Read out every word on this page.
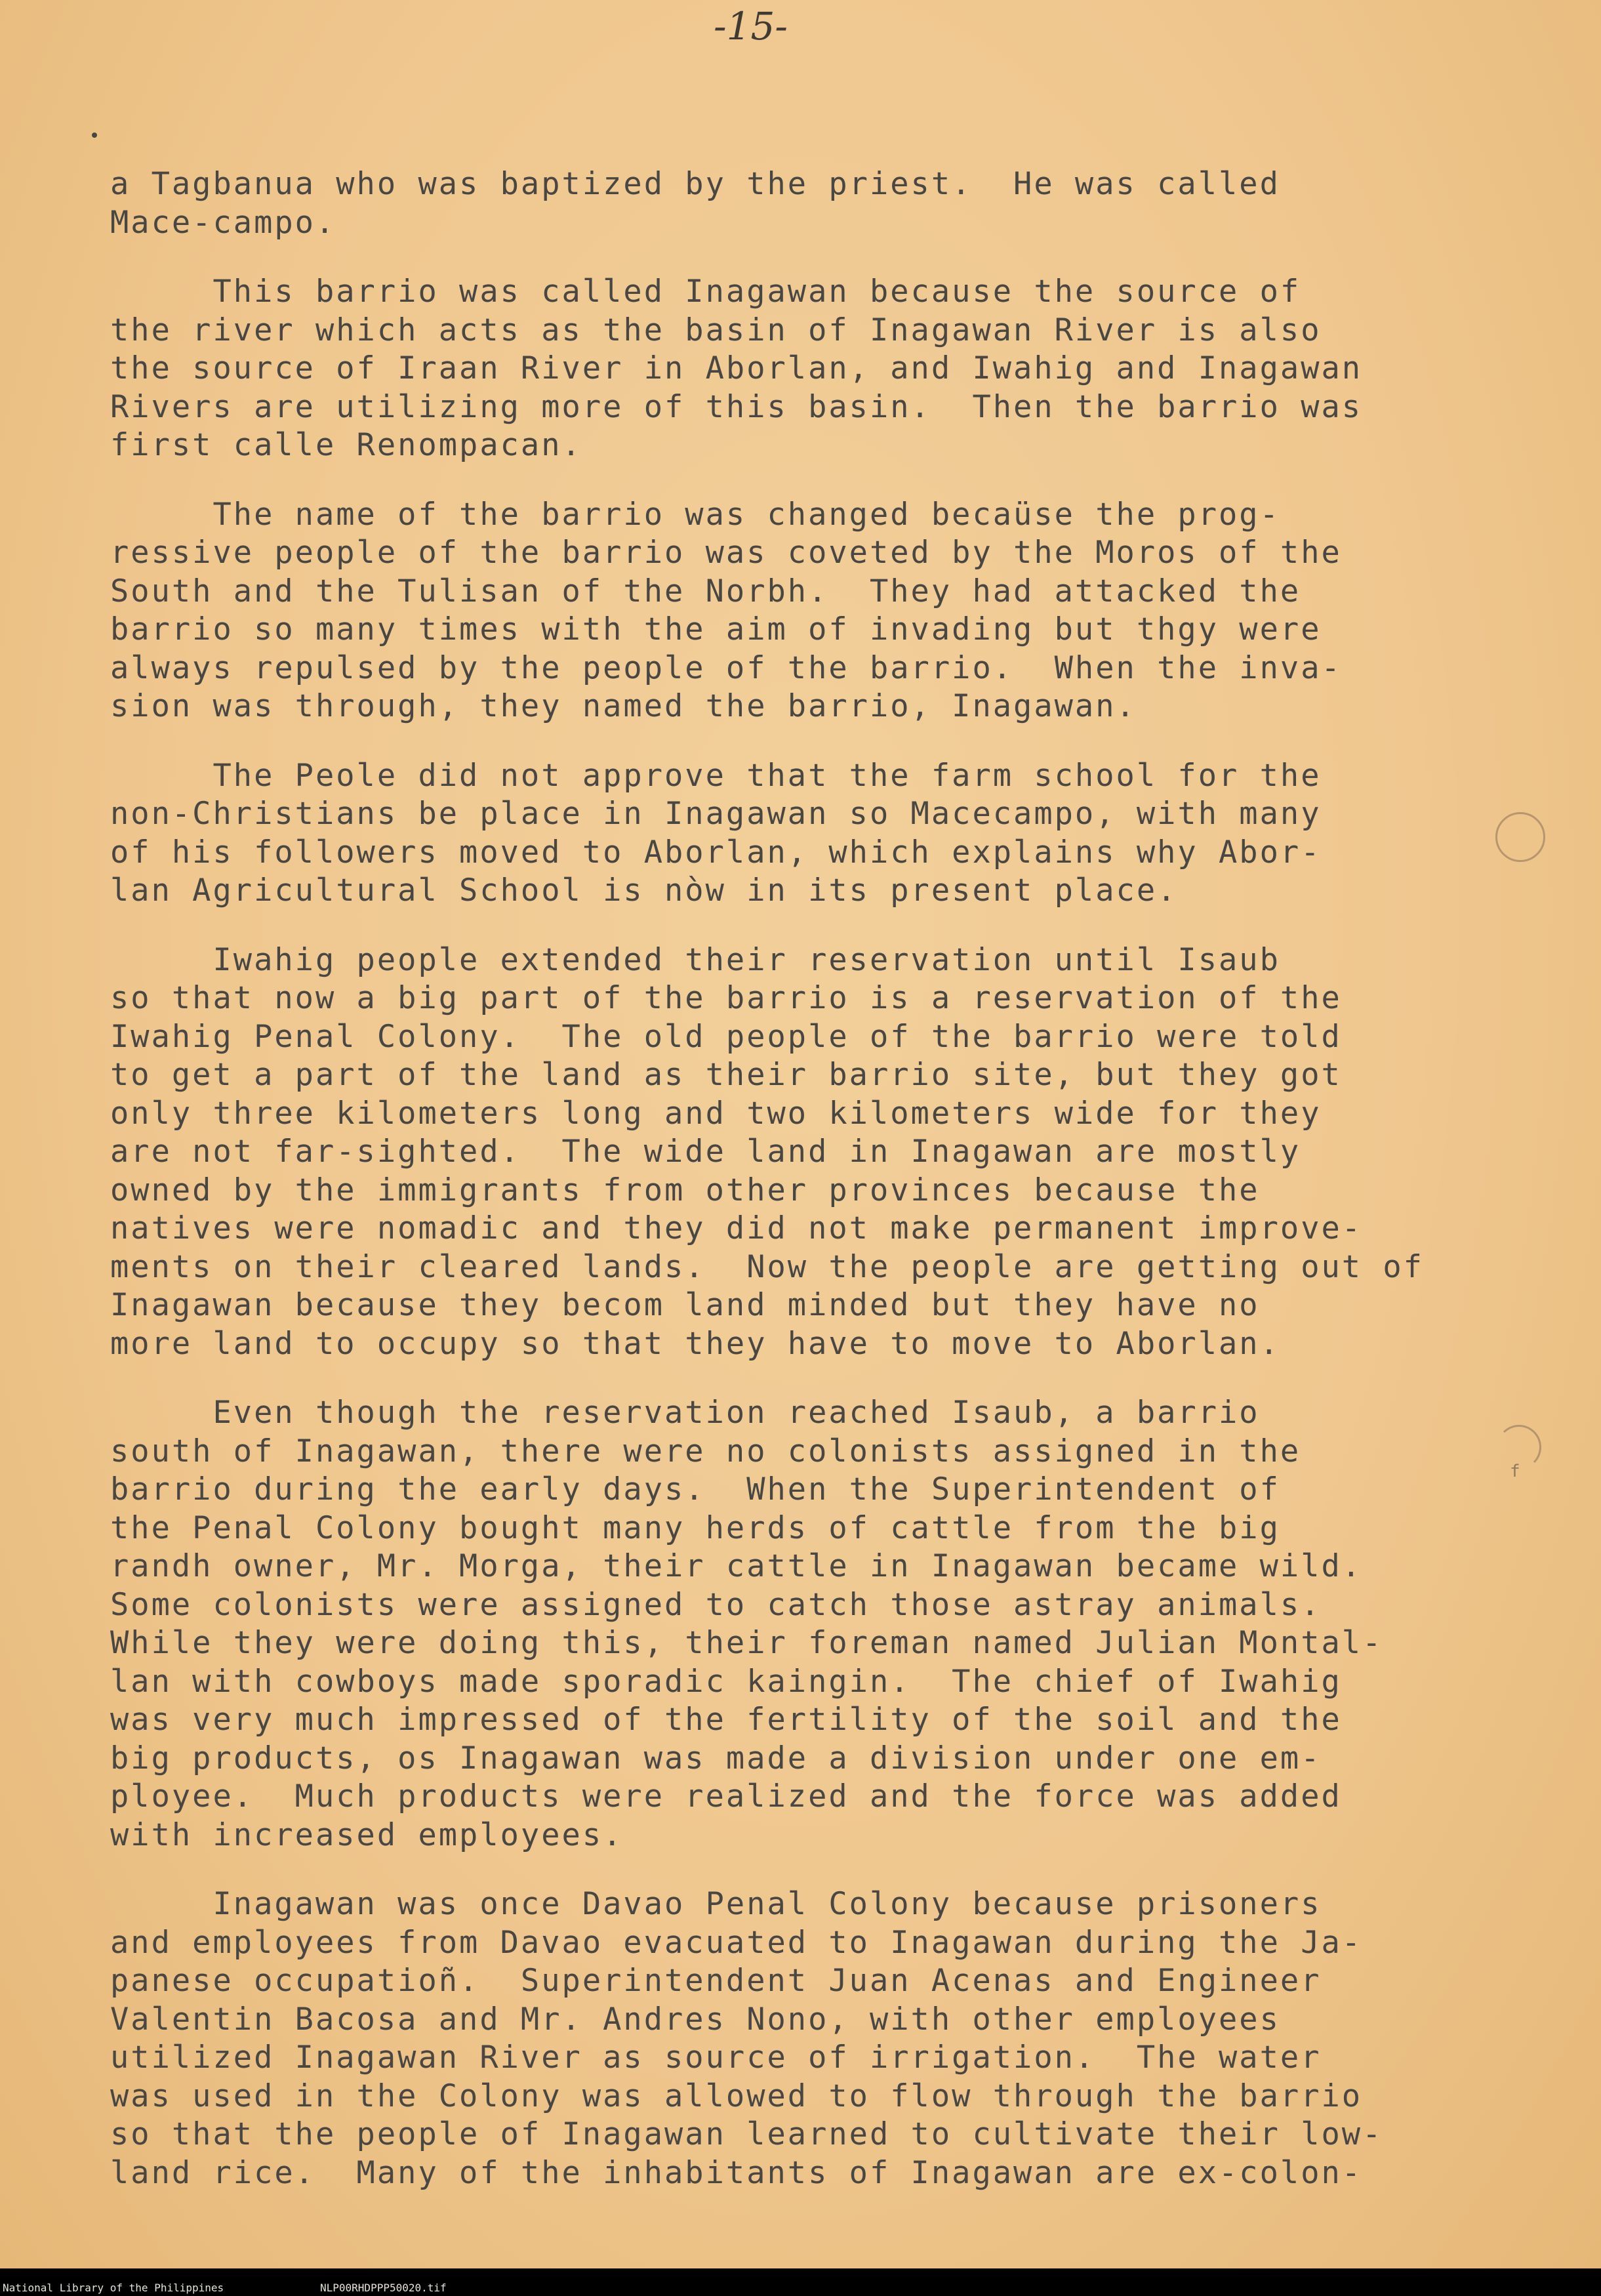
-15-
a Tagbanua who was baptized by the priest.  He was called
Mace-campo.
This barrio was called Inagawan because the source of
the river which acts as the basin of Inagawan River is also
the source of Iraan River in Aborlan, and Iwahig and Inagawan
Rivers are utilizing more of this basin.  Then the barrio was
first calle Renompacan.
The name of the barrio was changed becaüse the prog-
ressive people of the barrio was coveted by the Moros of the
South and the Tulisan of the Norbh.  They had attacked the
barrio so many times with the aim of invading but thgy were
always repulsed by the people of the barrio.  When the inva-
sion was through, they named the barrio, Inagawan.
The Peole did not approve that the farm school for the
non-Christians be place in Inagawan so Macecampo, with many
of his followers moved to Aborlan, which explains why Abor-
lan Agricultural School is nòw in its present place.
Iwahig people extended their reservation until Isaub
so that now a big part of the barrio is a reservation of the
Iwahig Penal Colony.  The old people of the barrio were told
to get a part of the land as their barrio site, but they got
only three kilometers long and two kilometers wide for they
are not far-sighted.  The wide land in Inagawan are mostly
owned by the immigrants from other provinces because the
natives were nomadic and they did not make permanent improve-
ments on their cleared lands.  Now the people are getting out of
Inagawan because they becom land minded but they have no
more land to occupy so that they have to move to Aborlan.
Even though the reservation reached Isaub, a barrio
south of Inagawan, there were no colonists assigned in the
barrio during the early days.  When the Superintendent of
the Penal Colony bought many herds of cattle from the big
randh owner, Mr. Morga, their cattle in Inagawan became wild.
Some colonists were assigned to catch those astray animals.
While they were doing this, their foreman named Julian Montal-
lan with cowboys made sporadic kaingin.  The chief of Iwahig
was very much impressed of the fertility of the soil and the
big products, os Inagawan was made a division under one em-
ployee.  Much products were realized and the force was added
with increased employees.
Inagawan was once Davao Penal Colony because prisoners
and employees from Davao evacuated to Inagawan during the Ja-
panese occupatioñ.  Superintendent Juan Acenas and Engineer
Valentin Bacosa and Mr. Andres Nono, with other employees
utilized Inagawan River as source of irrigation.  The water
was used in the Colony was allowed to flow through the barrio
so that the people of Inagawan learned to cultivate their low-
land rice.  Many of the inhabitants of Inagawan are ex-colon-
f
National Library of the Philippines	NLP00RHDPPP50020.tif
